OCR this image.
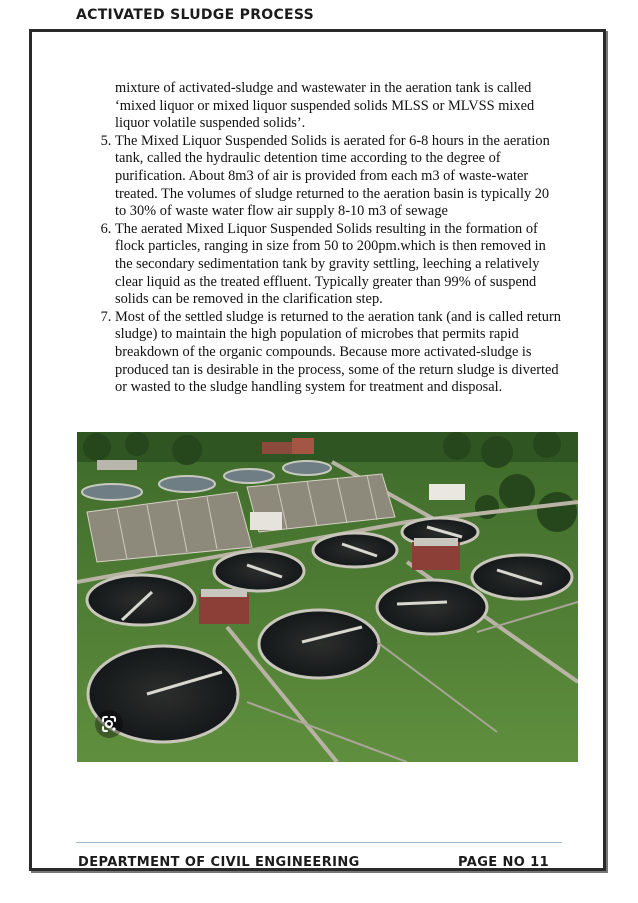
ACTIVATED SLUDGE PROCESS

mixture of activated-sludge and wastewater in the aeration tank is called ‘mixed liquor or mixed liquor suspended solids MLSS or MLVSS mixed liquor volatile suspended solids’.

5. The Mixed Liquor Suspended Solids is aerated for 6-8 hours in the aeration tank, called the hydraulic detention time according to the degree of purification. About 8m3 of air is provided from each m3 of waste-water treated. The volumes of sludge returned to the aeration basin is typically 20 to 30% of waste water flow air supply 8-10 m3 of sewage
6. The aerated Mixed Liquor Suspended Solids resulting in the formation of flock particles, ranging in size from 50 to 200pm.which is then removed in the secondary sedimentation tank by gravity settling, leeching a relatively clear liquid as the treated effluent. Typically greater than 99% of suspend solids can be removed in the clarification step.
7. Most of the settled sludge is returned to the aeration tank (and is called return sludge) to maintain the high population of microbes that permits rapid breakdown of the organic compounds. Because more activated-sludge is produced tan is desirable in the process, some of the return sludge is diverted or wasted to the sludge handling system for treatment and disposal.
DEPARTMENT OF CIVIL ENGINEERING	PAGE NO 11
